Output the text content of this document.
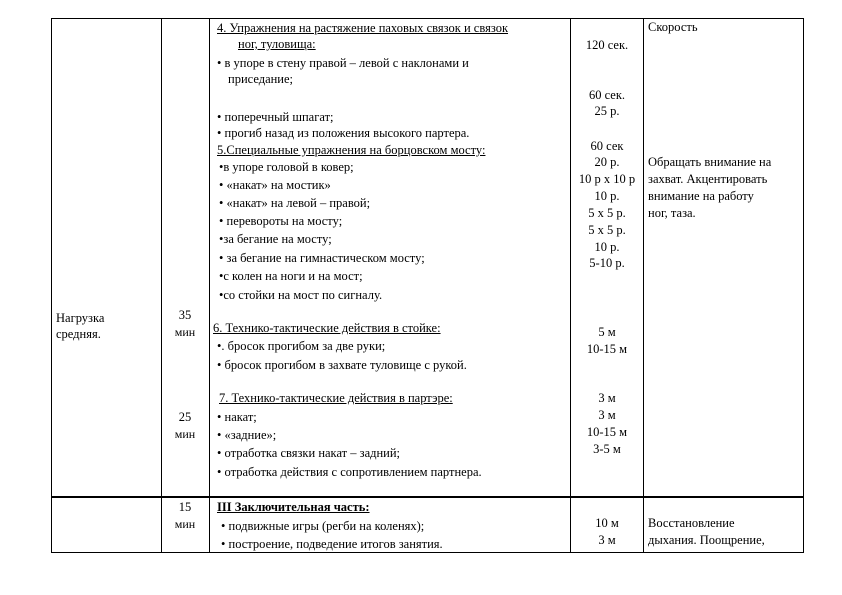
Нагрузка
средняя.
35
мин
25
мин
15
мин
4. Упражнения на растяжение паховых связок и связок
ног, туловища:
• в упоре в стену правой – левой с наклонами и
приседание;
• поперечный шпагат;
• прогиб назад из положения высокого партера.
5.Специальные упражнения на борцовском мосту:
•в упоре головой в ковер;
• «накат» на мостик»
• «накат» на левой – правой;
• перевороты на мосту;
•за бегание на мосту;
• за бегание на гимнастическом мосту;
•с колен на ноги и на мост;
•со стойки на мост по сигналу.
6. Технико-тактические действия в стойке:
•. бросок прогибом за две руки;
• бросок прогибом в захвате туловище с рукой.
7. Технико-тактические действия в партэре:
• накат;
• «задние»;
• отработка связки накат – задний;
• отработка действия с сопротивлением партнера.
III Заключительная часть:
• подвижные игры (регби на коленях);
• построение, подведение итогов занятия.
120 сек.
60 сек.
25 р.
60 сек
20 р.
10 р х 10 р
10 р.
5 х 5 р.
5 х 5 р.
10 р.
5-10 р.
5 м
10-15 м
3 м
3 м
10-15 м
3-5 м
10 м
3 м
Скорость
Обращать внимание на
захват. Акцентировать
внимание на работу
ног, таза.
Восстановление
дыхания. Поощрение,
